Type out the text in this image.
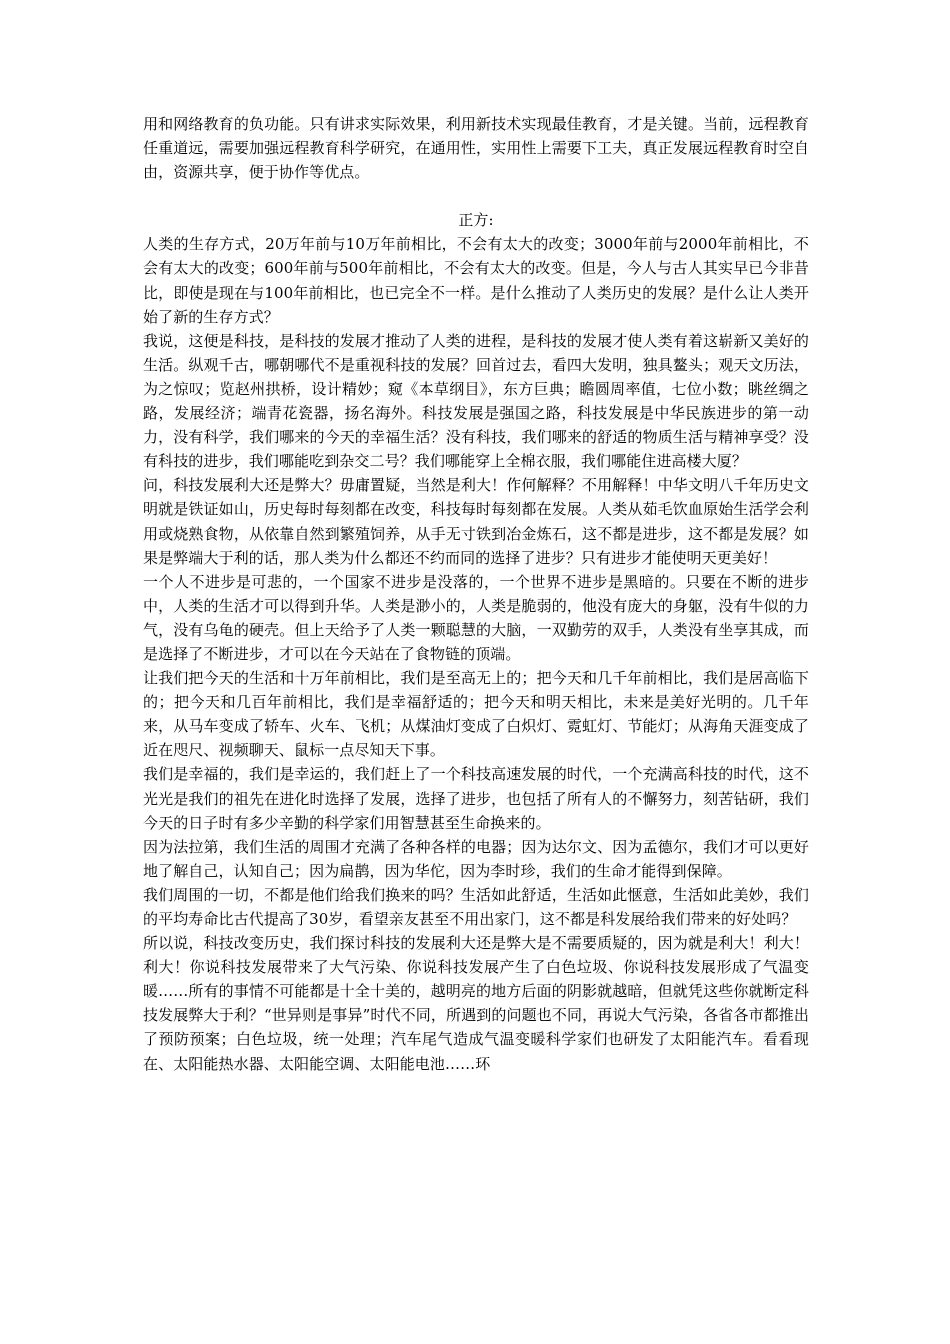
用和网络教育的负功能。只有讲求实际效果，利用新技术实现最佳教育，才是关键。当前，远程教育任重道远，需要加强远程教育科学研究，在通用性，实用性上需要下工夫，真正发展远程教育时空自由，资源共享，便于协作等优点。

正方:

人类的生存方式，20万年前与10万年前相比，不会有太大的改变；3000年前与2000年前相比，不会有太大的改变；600年前与500年前相比，不会有太大的改变。但是，今人与古人其实早已今非昔比，即使是现在与100年前相比，也已完全不一样。是什么推动了人类历史的发展？是什么让人类开始了新的生存方式？

我说，这便是科技，是科技的发展才推动了人类的进程，是科技的发展才使人类有着这崭新又美好的生活。纵观千古，哪朝哪代不是重视科技的发展？回首过去，看四大发明，独具鳌头；观天文历法，为之惊叹；览赵州拱桥，设计精妙；窥《本草纲目》，东方巨典；瞻圆周率值，七位小数；眺丝绸之路，发展经济；端青花瓷器，扬名海外。科技发展是强国之路，科技发展是中华民族进步的第一动力，没有科学，我们哪来的今天的幸福生活？没有科技，我们哪来的舒适的物质生活与精神享受？没有科技的进步，我们哪能吃到杂交二号？我们哪能穿上全棉衣服，我们哪能住进高楼大厦？

问，科技发展利大还是弊大？毋庸置疑，当然是利大！作何解释？不用解释！中华文明八千年历史文明就是铁证如山，历史每时每刻都在改变，科技每时每刻都在发展。人类从茹毛饮血原始生活学会利用或烧熟食物，从依靠自然到繁殖饲养，从手无寸铁到冶金炼石，这不都是进步，这不都是发展？如果是弊端大于利的话，那人类为什么都还不约而同的选择了进步？只有进步才能使明天更美好！

一个人不进步是可悲的，一个国家不进步是没落的，一个世界不进步是黑暗的。只要在不断的进步中，人类的生活才可以得到升华。人类是渺小的，人类是脆弱的，他没有庞大的身躯，没有牛似的力气，没有乌龟的硬壳。但上天给予了人类一颗聪慧的大脑，一双勤劳的双手，人类没有坐享其成，而是选择了不断进步，才可以在今天站在了食物链的顶端。

让我们把今天的生活和十万年前相比，我们是至高无上的；把今天和几千年前相比，我们是居高临下的；把今天和几百年前相比，我们是幸福舒适的；把今天和明天相比，未来是美好光明的。几千年来，从马车变成了轿车、火车、飞机；从煤油灯变成了白炽灯、霓虹灯、节能灯；从海角天涯变成了近在咫尺、视频聊天、鼠标一点尽知天下事。

我们是幸福的，我们是幸运的，我们赶上了一个科技高速发展的时代，一个充满高科技的时代，这不光光是我们的祖先在进化时选择了发展，选择了进步，也包括了所有人的不懈努力，刻苦钻研，我们今天的日子时有多少辛勤的科学家们用智慧甚至生命换来的。

因为法拉第，我们生活的周围才充满了各种各样的电器；因为达尔文、因为孟德尔，我们才可以更好地了解自己，认知自己；因为扁鹊，因为华佗，因为李时珍，我们的生命才能得到保障。

我们周围的一切，不都是他们给我们换来的吗？生活如此舒适，生活如此惬意，生活如此美妙，我们的平均寿命比古代提高了30岁，看望亲友甚至不用出家门，这不都是科发展给我们带来的好处吗？

所以说，科技改变历史，我们探讨科技的发展利大还是弊大是不需要质疑的，因为就是利大！利大！利大！你说科技发展带来了大气污染、你说科技发展产生了白色垃圾、你说科技发展形成了气温变暖……所有的事情不可能都是十全十美的，越明亮的地方后面的阴影就越暗，但就凭这些你就断定科技发展弊大于利？“世异则是事异”时代不同，所遇到的问题也不同，再说大气污染，各省各市都推出了预防预案；白色垃圾，统一处理；汽车尾气造成气温变暖科学家们也研发了太阳能汽车。看看现在、太阳能热水器、太阳能空调、太阳能电池……环
